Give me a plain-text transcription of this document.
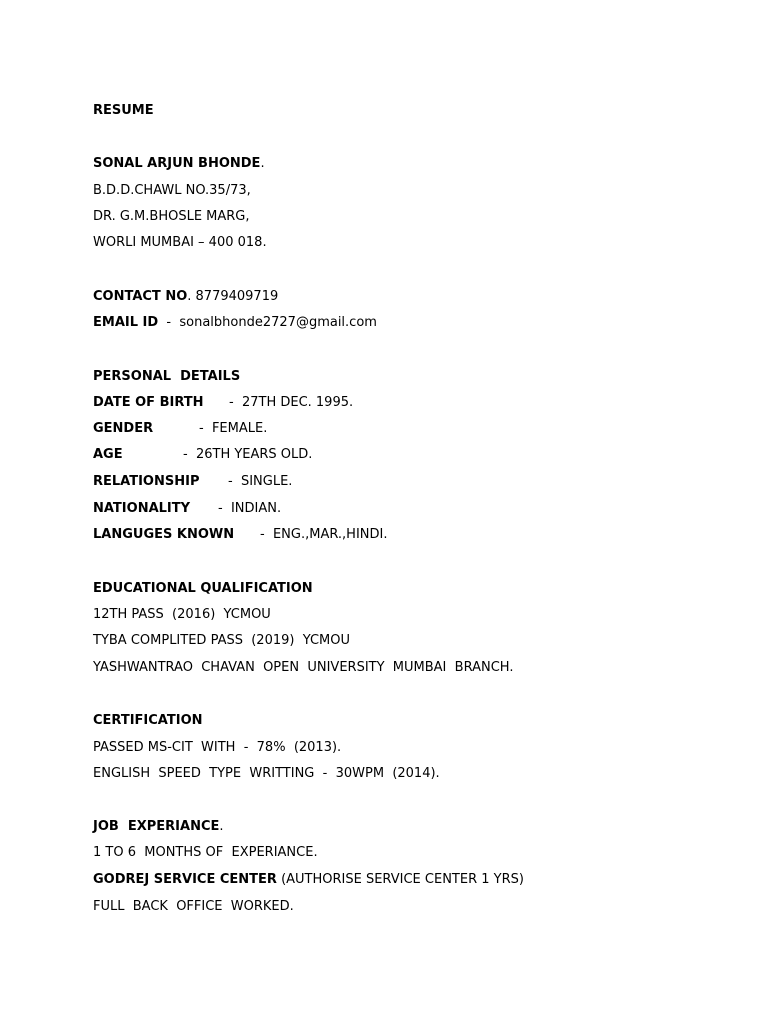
RESUME

SONAL ARJUN BHONDE.

B.D.D.CHAWL NO.35/73,

DR. G.M.BHOSLE MARG,

WORLI MUMBAI – 400 018.

CONTACT NO. 8779409719

EMAIL ID  -  sonalbhonde2727@gmail.com

PERSONAL  DETAILS

DATE OF BIRTH -  27TH DEC. 1995.

GENDER	-  FEMALE.

AGE	-  26TH YEARS OLD.

RELATIONSHIP -  SINGLE.

NATIONALITY -  INDIAN.

LANGUGES KNOWN -  ENG.,MAR.,HINDI.

EDUCATIONAL QUALIFICATION

12TH PASS  (2016)  YCMOU

TYBA COMPLITED PASS  (2019)  YCMOU

YASHWANTRAO  CHAVAN  OPEN  UNIVERSITY  MUMBAI  BRANCH.

CERTIFICATION

PASSED MS-CIT  WITH  -  78%  (2013).

ENGLISH  SPEED  TYPE  WRITTING  -  30WPM  (2014).

JOB  EXPERIANCE.

1 TO 6  MONTHS OF  EXPERIANCE.

GODREJ SERVICE CENTER (AUTHORISE SERVICE CENTER 1 YRS)

FULL  BACK  OFFICE  WORKED.
